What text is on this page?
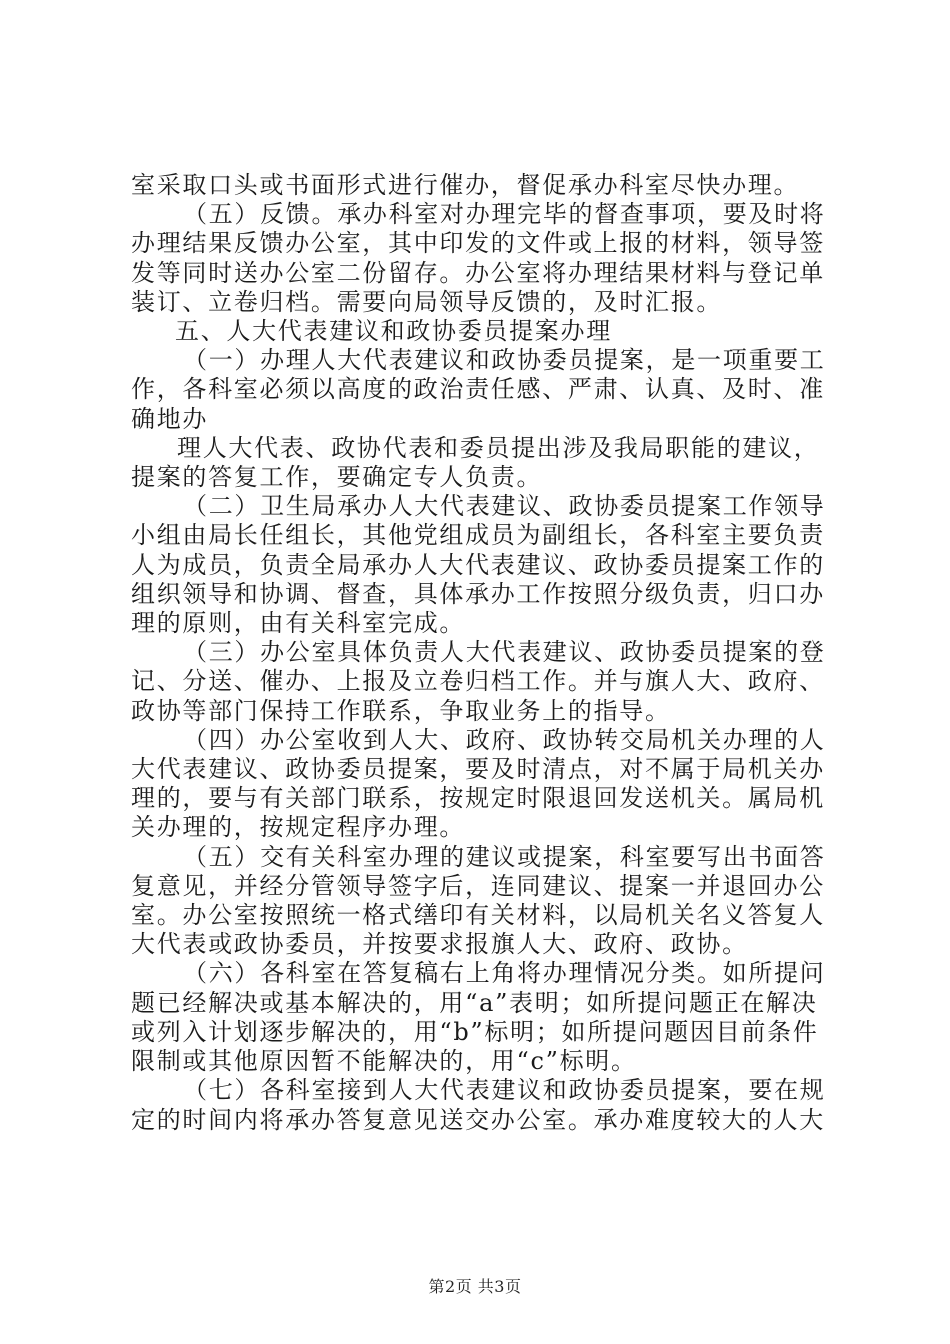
室采取口头或书面形式进行催办，督促承办科室尽快办理。

（五）反馈。承办科室对办理完毕的督查事项，要及时将办理结果反馈办公室，其中印发的文件或上报的材料，领导签发等同时送办公室二份留存。办公室将办理结果材料与登记单装订、立卷归档。需要向局领导反馈的，及时汇报。

五、人大代表建议和政协委员提案办理

（一）办理人大代表建议和政协委员提案，是一项重要工作，各科室必须以高度的政治责任感、严肃、认真、及时、准确地办

理人大代表、政协代表和委员提出涉及我局职能的建议，提案的答复工作，要确定专人负责。

（二）卫生局承办人大代表建议、政协委员提案工作领导小组由局长任组长，其他党组成员为副组长，各科室主要负责人为成员，负责全局承办人大代表建议、政协委员提案工作的组织领导和协调、督查，具体承办工作按照分级负责，归口办理的原则，由有关科室完成。

（三）办公室具体负责人大代表建议、政协委员提案的登记、分送、催办、上报及立卷归档工作。并与旗人大、政府、政协等部门保持工作联系，争取业务上的指导。

（四）办公室收到人大、政府、政协转交局机关办理的人大代表建议、政协委员提案，要及时清点，对不属于局机关办理的，要与有关部门联系，按规定时限退回发送机关。属局机关办理的，按规定程序办理。

（五）交有关科室办理的建议或提案，科室要写出书面答复意见，并经分管领导签字后，连同建议、提案一并退回办公室。办公室按照统一格式缮印有关材料，以局机关名义答复人大代表或政协委员，并按要求报旗人大、政府、政协。

（六）各科室在答复稿右上角将办理情况分类。如所提问题已经解决或基本解决的，用“a”表明；如所提问题正在解决或列入计划逐步解决的，用“b”标明；如所提问题因目前条件限制或其他原因暂不能解决的，用“c”标明。

（七）各科室接到人大代表建议和政协委员提案，要在规定的时间内将承办答复意见送交办公室。承办难度较大的人大

第2页 共3页
